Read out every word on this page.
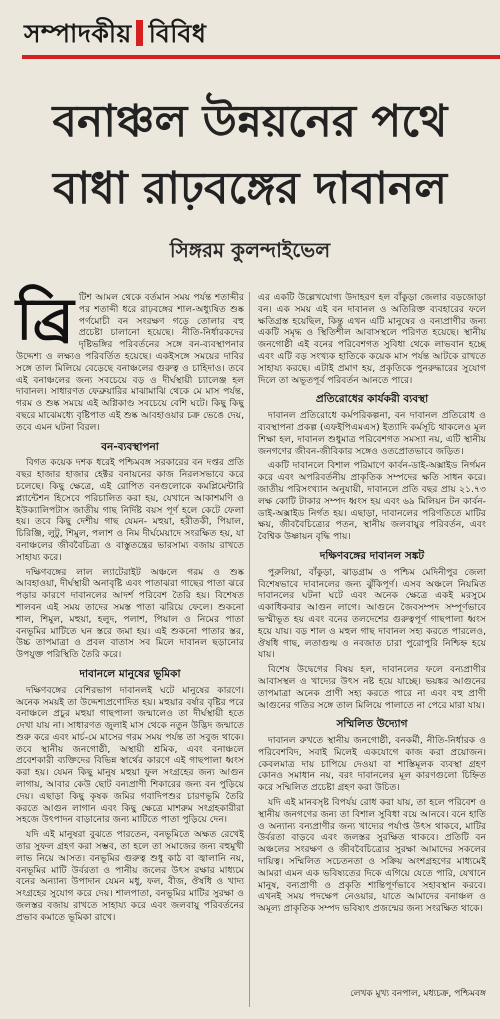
সম্পাদকীয় বিবিধ
বনাঞ্চল উন্নয়নের পথে
বাধা রাঢ়বঙ্গের দাবানল
সিঙ্গরম কুলন্দাইভেল

ব্রি টিশ আমল থেকে বর্তমান সময় পর্যন্ত শতাব্দীর পর শতাব্দী ধরে রাঢ়বঙ্গের শাল-অধ্যুষিত শুষ্ক পর্ণমোচী বন সংরক্ষণ গড়ে তোলার বহু প্রচেষ্টা চালানো হয়েছে। নীতি-নির্ধারকদের দৃষ্টিভঙ্গির পরিবর্তনের সঙ্গে বন-ব্যবস্থাপনার উদ্দেশ্য ও লক্ষ্যও পরিবর্তিত হয়েছে। একইসঙ্গে সময়ের দাবির সঙ্গে তাল মিলিয়ে বেড়েছে বনাঞ্চলের গুরুত্ব ও চাহিদাও। তবে এই বনাঞ্চলের জন্য সবচেয়ে বড় ও দীর্ঘস্থায়ী চ্যালেঞ্জ হল দাবানল। সাধারণত ফেব্রুয়ারির মাঝামাঝি থেকে মে মাস পর্যন্ত, গরম ও শুষ্ক সময়ে এই অগ্নিকাণ্ড সবচেয়ে বেশি ঘটে। কিছু কিছু বছরে মাঝেমধ্যে বৃষ্টিপাত এই শুষ্ক আবহাওয়ার চক্র ভেঙে দেয়, তবে এমন ঘটনা বিরল।

বন-ব্যবস্থাপনা

বিগত কয়েক দশক ধরেই পশ্চিমবঙ্গ সরকারের বন দপ্তর প্রতি বছর হাজার হাজার হেক্টর বনায়নের কাজ নিরলসভাবে করে চলেছে। কিছু ক্ষেত্রে, এই রোপিত বনগুলোকে কমপ্লিমেন্টারি প্ল্যান্টেশন হিসেবে পরিচালিত করা হয়, যেখানে আকাশমণি ও ইউক্যালিপটাস জাতীয় গাছ নির্দিষ্ট বয়স পূর্ণ হলে কেটে ফেলা হয়। তবে কিছু দেশীয় গাছ যেমন- মহুয়া, হরীতকী, পিয়াল, চিরিঞ্জি, লুটু, শিমুল, পলাশ ও নিম দীর্ঘমেয়াদে সংরক্ষিত হয়, যা বনাঞ্চলের জীববৈচিত্র্য ও বাস্তুতন্ত্রের ভারসাম্য বজায় রাখতে সাহায্য করে।

দক্ষিণবঙ্গের লাল ল্যাটেরাইট অঞ্চলে গরম ও শুষ্ক আবহাওয়া, দীর্ঘস্থায়ী অনাবৃষ্টি এবং পাতাঝরা গাছের পাতা ঝরে পড়ার কারণে দাবানলের আদর্শ পরিবেশ তৈরি হয়। বিশেষত শালবন এই সময় তাদের সমস্ত পাতা ঝরিয়ে ফেলে। শুকনো শাল, শিমুল, মহুয়া, হলুদ, পলাশ, পিয়াল ও নিমের পাতা বনভূমির মাটিতে ঘন স্তরে জমা হয়। এই শুকনো পাতার স্তর, উচ্চ তাপমাত্রা ও প্রবল বাতাস সব মিলে দাবানল ছড়ানোর উপযুক্ত পরিস্থিতি তৈরি করে।

দাবানলে মানুষের ভূমিকা

দক্ষিণবঙ্গের বেশিরভাগ দাবানলই ঘটে মানুষের কারণে। অনেক সময়ই তা উদ্দেশ্যপ্রণোদিত হয়। মহুয়ার বর্ষার বৃষ্টির পরে বনাঞ্চলে প্রচুর মহুয়া গাছপালা জন্মালেও তা দীর্ঘস্থায়ী হতে দেখা যায় না। সাধারণত জুলাই মাস থেকে নতুন উদ্ভিদ জন্মাতে শুরু করে এবং মার্চ-মে মাসের গরম সময় পর্যন্ত তা সবুজ থাকে। তবে স্থানীয় জনগোষ্ঠী, অস্থায়ী শ্রমিক, এবং বনাঞ্চলে প্রবেশকারী ব্যক্তিদের বিভিন্ন স্বার্থের কারণে এই গাছপালা ধ্বংস করা হয়। যেমন কিছু মানুষ মহুয়া ফুল সংগ্রহের জন্য আগুন লাগায়, আবার কেউ ছোট বন্যপ্রাণী শিকারের জন্য বন পুড়িয়ে দেয়। এছাড়া কিছু কৃষক জমির গবাদিপশুর চারণভূমি তৈরি করতে আগুন লাগান এবং কিছু ক্ষেত্রে মাশরুম সংগ্রহকারীরা সহজে উৎপাদন বাড়ানোর জন্য মাটিতে পাতা পুড়িয়ে দেন।

যদি এই মানুষরা বুঝতে পারতেন, বনভূমিতে অক্ষত রেখেই তার সুফল গ্রহণ করা সম্ভব, তা হলে তা সমাজের জন্য বহুমুখী লাভ নিয়ে আসত। বনভূমির গুরুত্ব শুধু কাঠ বা জ্বালানি নয়, বনভূমির মাটি উর্বরতা ও পানীয় জলের উৎস রক্ষার মাধ্যমে বনের অন্যান্য উপাদান যেমন মধু, ফল, বীজ, ঔষধি ও খাদ্য সংগ্রহের সুযোগ করে দেয়। শালপাতা, বনভূমির মাটির সুরক্ষা ও জলস্তর বজায় রাখতে সাহায্য করে এবং জলবায়ু পরিবর্তনের প্রভাব কমাতে ভূমিকা রাখে।

এর একটি উল্লেখযোগ্য উদাহরণ হল বাঁকুড়া জেলার বড়জোড়া বন। এক সময় এই বন দাবানল ও অতিরিক্ত ব্যবহারের ফলে ক্ষতিগ্রস্ত হয়েছিল, কিন্তু এখন এটি মানুষের ও বন্যপ্রাণীর জন্য একটি সমৃদ্ধ ও স্থিতিশীল আবাসস্থলে পরিণত হয়েছে। স্থানীয় জনগোষ্ঠী এই বনের পরিবেশগত সুবিধা থেকে লাভবান হচ্ছে এবং এটি বড় সংখ্যক হাতিকে কয়েক মাস পর্যন্ত আটকে রাখতে সাহায্য করছে। এটাই প্রমাণ হয়, প্রকৃতিকে পুনরুদ্ধারের সুযোগ দিলে তা অভূতপূর্ব পরিবর্তন আনতে পারে।

প্রতিরোধের কার্যকরী ব্যবস্থা

দাবানল প্রতিরোধে কর্মপরিকল্পনা, বন দাবানল প্রতিরোধ ও ব্যবস্থাপনা প্রকল্প (এফইপিএমএস) ইত্যাদি কর্মসূচি থাকলেও মূল শিক্ষা হল, দাবানল শুধুমাত্র পরিবেশগত সমস্যা নয়, এটি স্থানীয় জনগণের জীবন-জীবিকার সঙ্গেও ওতপ্রোতভাবে জড়িত।

একটি দাবানলে বিশাল পরিমাণে কার্বন-ডাই-অক্সাইড নির্গমন করে এবং অপরিবর্তনীয় প্রাকৃতিক সম্পদের ক্ষতি সাধন করে। জাতীয় পরিসংখ্যান অনুযায়ী, দাবানলে প্রতি বছর প্রায় ২১.৭৩ লক্ষ কোটি টাকার সম্পদ ধ্বংস হয় এবং ৬৯ মিলিয়ন টন কার্বন-ডাই-অক্সাইড নির্গত হয়। এছাড়া, দাবানলের পরিণতিতে মাটির ক্ষয়, জীববৈচিত্র্যের পতন, স্থানীয় জলবায়ুর পরিবর্তন, এবং বৈশ্বিক উষ্ণায়ন বৃদ্ধি পায়।

দক্ষিণবঙ্গের দাবানল সঙ্কট

পুরুলিয়া, বাঁকুড়া, ঝাড়গ্রাম ও পশ্চিম মেদিনীপুর জেলা বিশেষভাবে দাবানলের জন্য ঝুঁকিপূর্ণ। এসব অঞ্চলে নিয়মিত দাবানলের ঘটনা ঘটে এবং অনেক ক্ষেত্রে একই মরসুমে একাধিকবার আগুন লাগে। আগুনে জৈবসম্পদ সম্পূর্ণভাবে ভস্মীভূত হয় এবং বনের তলদেশের গুরুত্বপূর্ণ গাছপালা ধ্বংস হয়ে যায়। বড় শাল ও মহুল গাছ দাবানল সহ্য করতে পারলেও, ঔষধি গাছ, লতাগুল্ম ও নবজাত চারা পুরোপুরি নিশ্চিহ্ন হয়ে যায়।

বিশেষ উদ্বেগের বিষয় হল, দাবানলের ফলে বন্যপ্রাণীর আবাসস্থল ও খাদ্যের উৎস নষ্ট হয়ে যাচ্ছে। ভয়ঙ্কর আগুনের তাপমাত্রা অনেক প্রাণী সহ্য করতে পারে না এবং বহু প্রাণী আগুনের গতির সঙ্গে তাল মিলিয়ে পালাতে না পেরে মারা যায়।

সম্মিলিত উদ্যোগ

দাবানল রুখতে স্থানীয় জনগোষ্ঠী, বনকর্মী, নীতি-নির্ধারক ও পরিবেশবিদ, সবাই মিলেই একযোগে কাজ করা প্রয়োজন। কেবলমাত্র দায় চাপিয়ে দেওয়া বা শাস্তিমূলক ব্যবস্থা গ্রহণ কোনও সমাধান নয়, বরং দাবানলের মূল কারণগুলো চিহ্নিত করে সম্মিলিত প্রচেষ্টা গ্রহণ করা উচিত।

যদি এই মানবসৃষ্ট বিপর্যয় রোধ করা যায়, তা হলে পরিবেশ ও স্থানীয় জনগণের জন্য তা বিশাল সুবিধা বয়ে আনবে। বনে হাতি ও অন্যান্য বন্যপ্রাণীর জন্য খাদ্যের পর্যাপ্ত উৎস থাকবে, মাটির উর্বরতা বাড়বে এবং জলস্তর সুরক্ষিত থাকবে। প্রতিটি বন অঞ্চলের সংরক্ষণ ও জীববৈচিত্র্যের সুরক্ষা আমাদের সকলের দায়িত্ব। সম্মিলিত সচেতনতা ও সক্রিয় অংশগ্রহণের মাধ্যমেই আমরা এমন এক ভবিষ্যতের দিকে এগিয়ে যেতে পারি, যেখানে মানুষ, বন্যপ্রাণী ও প্রকৃতি শান্তিপূর্ণভাবে সহাবস্থান করবে। এখনই সময় পদক্ষেপ নেওয়ার, যাতে আমাদের বনাঞ্চল ও অমূল্য প্রাকৃতিক সম্পদ ভবিষ্যৎ প্রজন্মের জন্য সংরক্ষিত থাকে।

লেখক মুখ্য বনপাল, মধ্যচক্র, পশ্চিমবঙ্গ
